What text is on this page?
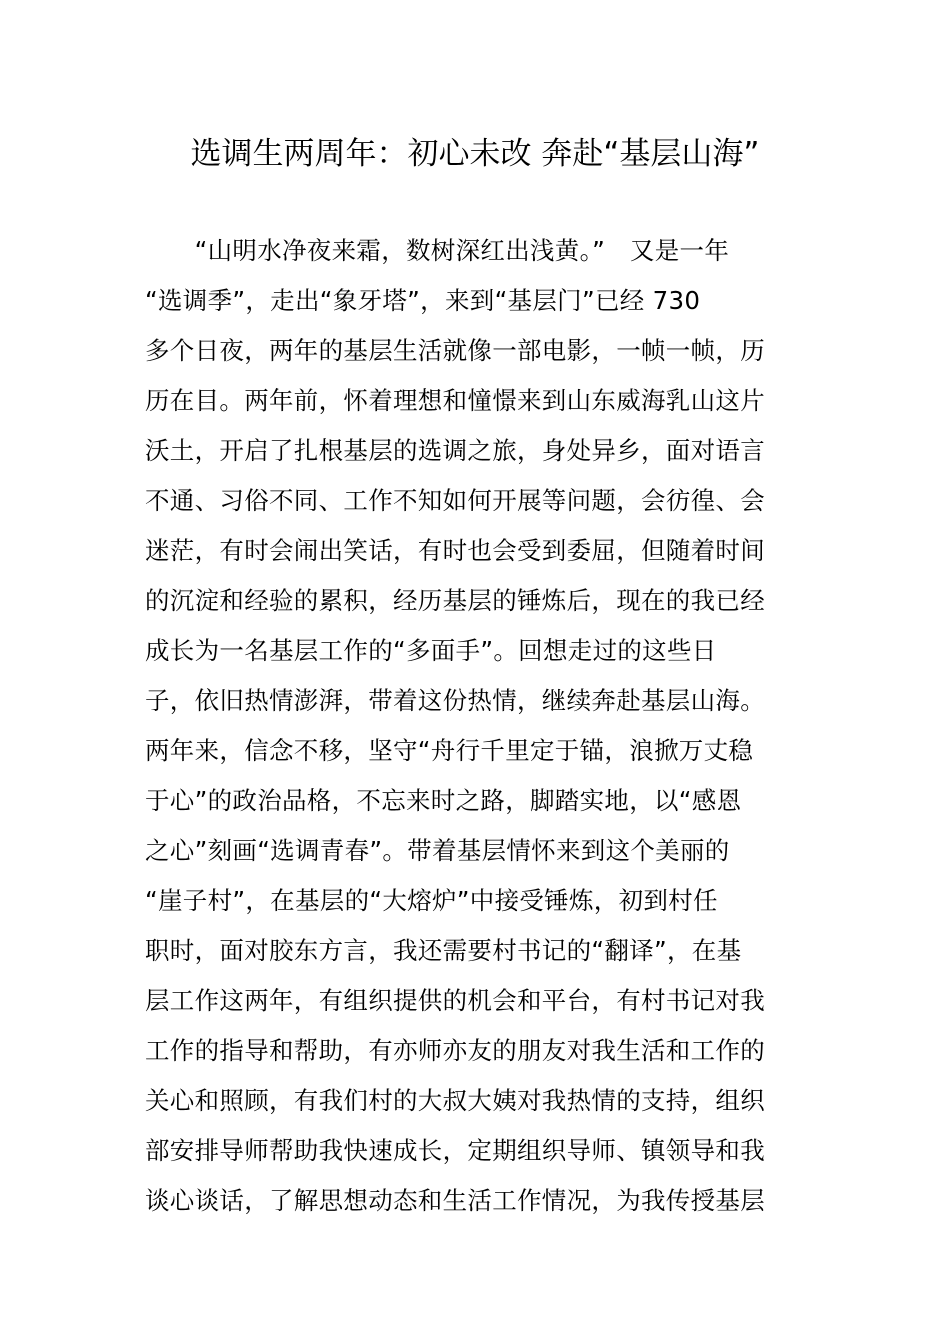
选调生两周年：初心未改 奔赴“基层山海”
　　“山明水净夜来霜，数树深红出浅黄。”　又是一年
“选调季”，走出“象牙塔”，来到“基层门”已经 730
多个日夜，两年的基层生活就像一部电影，一帧一帧，历
历在目。两年前，怀着理想和憧憬来到山东威海乳山这片
沃土，开启了扎根基层的选调之旅，身处异乡，面对语言
不通、习俗不同、工作不知如何开展等问题，会彷徨、会
迷茫，有时会闹出笑话，有时也会受到委屈，但随着时间
的沉淀和经验的累积，经历基层的锤炼后，现在的我已经
成长为一名基层工作的“多面手”。回想走过的这些日
子，依旧热情澎湃，带着这份热情，继续奔赴基层山海。
两年来，信念不移，坚守“舟行千里定于锚，浪掀万丈稳
于心”的政治品格，不忘来时之路，脚踏实地，以“感恩
之心”刻画“选调青春”。带着基层情怀来到这个美丽的
“崖子村”，在基层的“大熔炉”中接受锤炼，初到村任
职时，面对胶东方言，我还需要村书记的“翻译”，在基
层工作这两年，有组织提供的机会和平台，有村书记对我
工作的指导和帮助，有亦师亦友的朋友对我生活和工作的
关心和照顾，有我们村的大叔大姨对我热情的支持，组织
部安排导师帮助我快速成长，定期组织导师、镇领导和我
谈心谈话，了解思想动态和生活工作情况，为我传授基层
